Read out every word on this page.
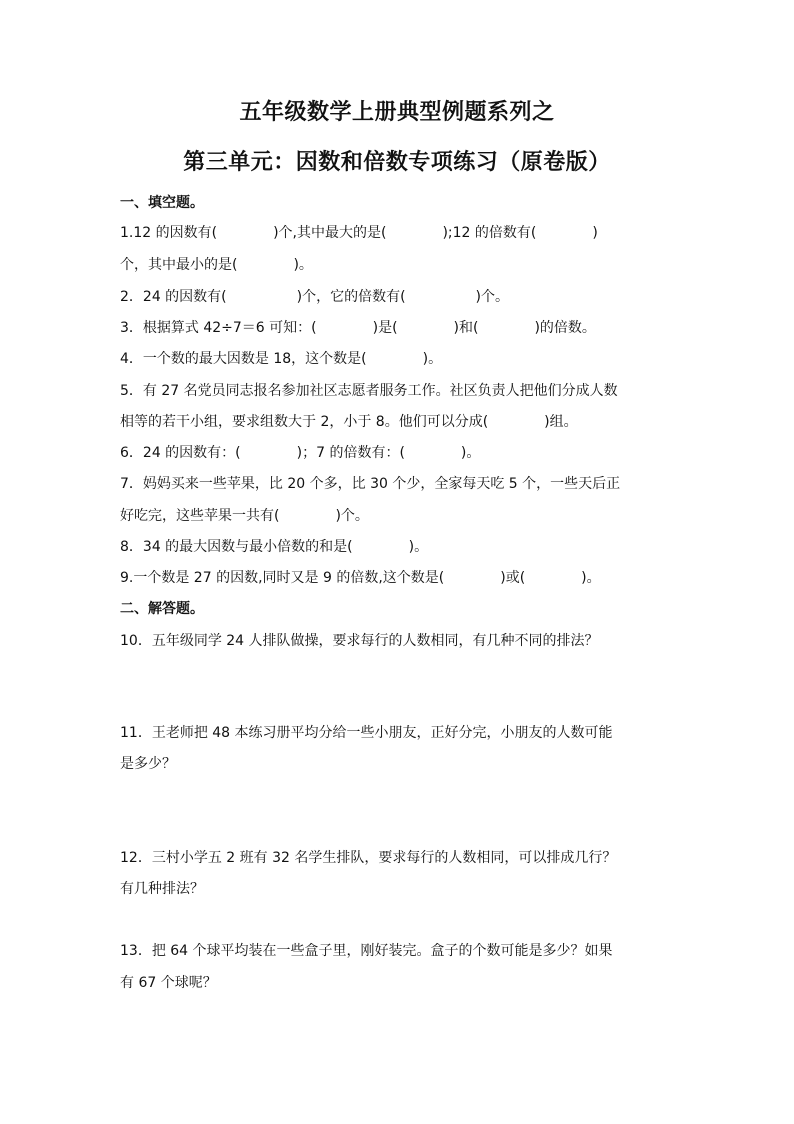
五年级数学上册典型例题系列之
第三单元：因数和倍数专项练习（原卷版）
一、填空题。
1.12 的因数有(　　　　)个,其中最大的是(　　　　);12 的倍数有(　　　　)
个，其中最小的是(　　　　)。
2．24 的因数有(　　　　　)个，它的倍数有(　　　　　)个。
3．根据算式 42÷7＝6 可知：(　　　　)是(　　　　)和(　　　　)的倍数。
4．一个数的最大因数是 18，这个数是(　　　　)。
5．有 27 名党员同志报名参加社区志愿者服务工作。社区负责人把他们分成人数
相等的若干小组，要求组数大于 2，小于 8。他们可以分成(　　　　)组。
6．24 的因数有：(　　　　)；7 的倍数有：(　　　　)。
7．妈妈买来一些苹果，比 20 个多，比 30 个少，全家每天吃 5 个，一些天后正
好吃完，这些苹果一共有(　　　　)个。
8．34 的最大因数与最小倍数的和是(　　　　)。
9.一个数是 27 的因数,同时又是 9 的倍数,这个数是(　　　　)或(　　　　)。
二、解答题。
10．五年级同学 24 人排队做操，要求每行的人数相同，有几种不同的排法？
11．王老师把 48 本练习册平均分给一些小朋友，正好分完，小朋友的人数可能
是多少？
12．三村小学五 2 班有 32 名学生排队，要求每行的人数相同，可以排成几行？
有几种排法？
13．把 64 个球平均装在一些盒子里，刚好装完。盒子的个数可能是多少？如果
有 67 个球呢？
